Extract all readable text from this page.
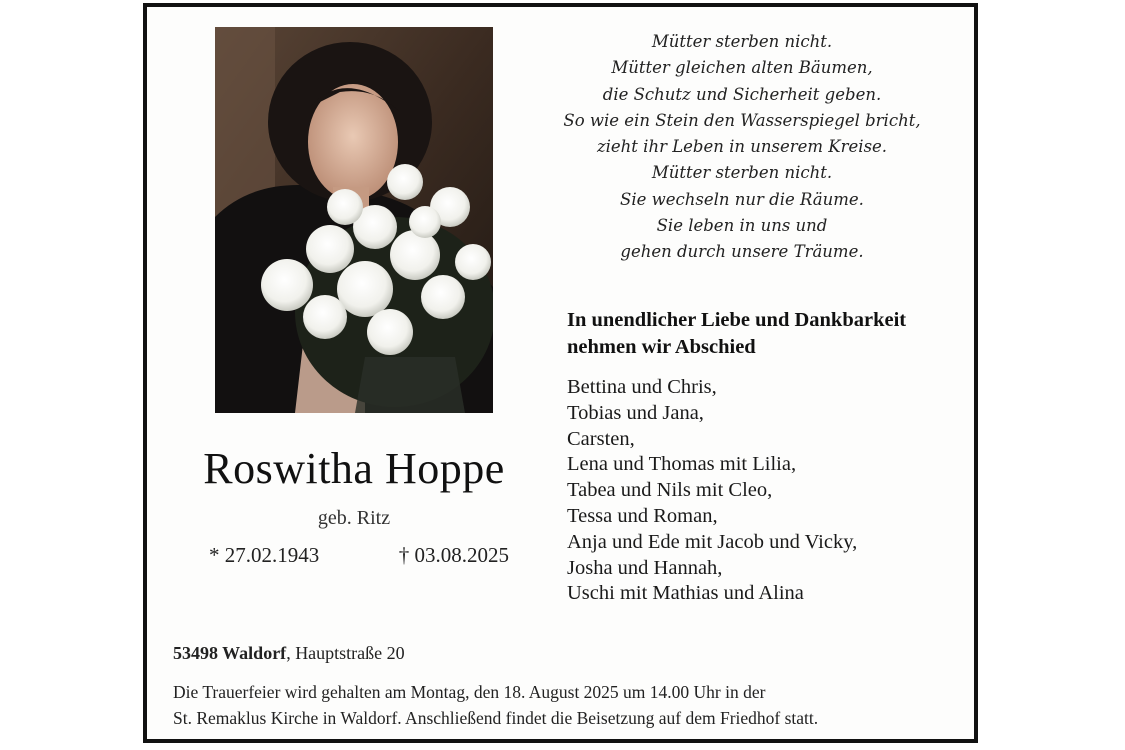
Mütter sterben nicht.
Mütter gleichen alten Bäumen,
die Schutz und Sicherheit geben.
So wie ein Stein den Wasserspiegel bricht,
zieht ihr Leben in unserem Kreise.
Mütter sterben nicht.
Sie wechseln nur die Räume.
Sie leben in uns und
gehen durch unsere Träume.
In unendlicher Liebe und Dankbarkeit
nehmen wir Abschied
Bettina und Chris,
Tobias und Jana,
Carsten,
Lena und Thomas mit Lilia,
Tabea und Nils mit Cleo,
Tessa und Roman,
Anja und Ede mit Jacob und Vicky,
Josha und Hannah,
Uschi mit Mathias und Alina
Roswitha Hoppe
geb. Ritz
* 27.02.1943	† 03.08.2025
53498 Waldorf, Hauptstraße 20
Die Trauerfeier wird gehalten am Montag, den 18. August 2025 um 14.00 Uhr in der
St. Remaklus Kirche in Waldorf. Anschließend findet die Beisetzung auf dem Friedhof statt.
